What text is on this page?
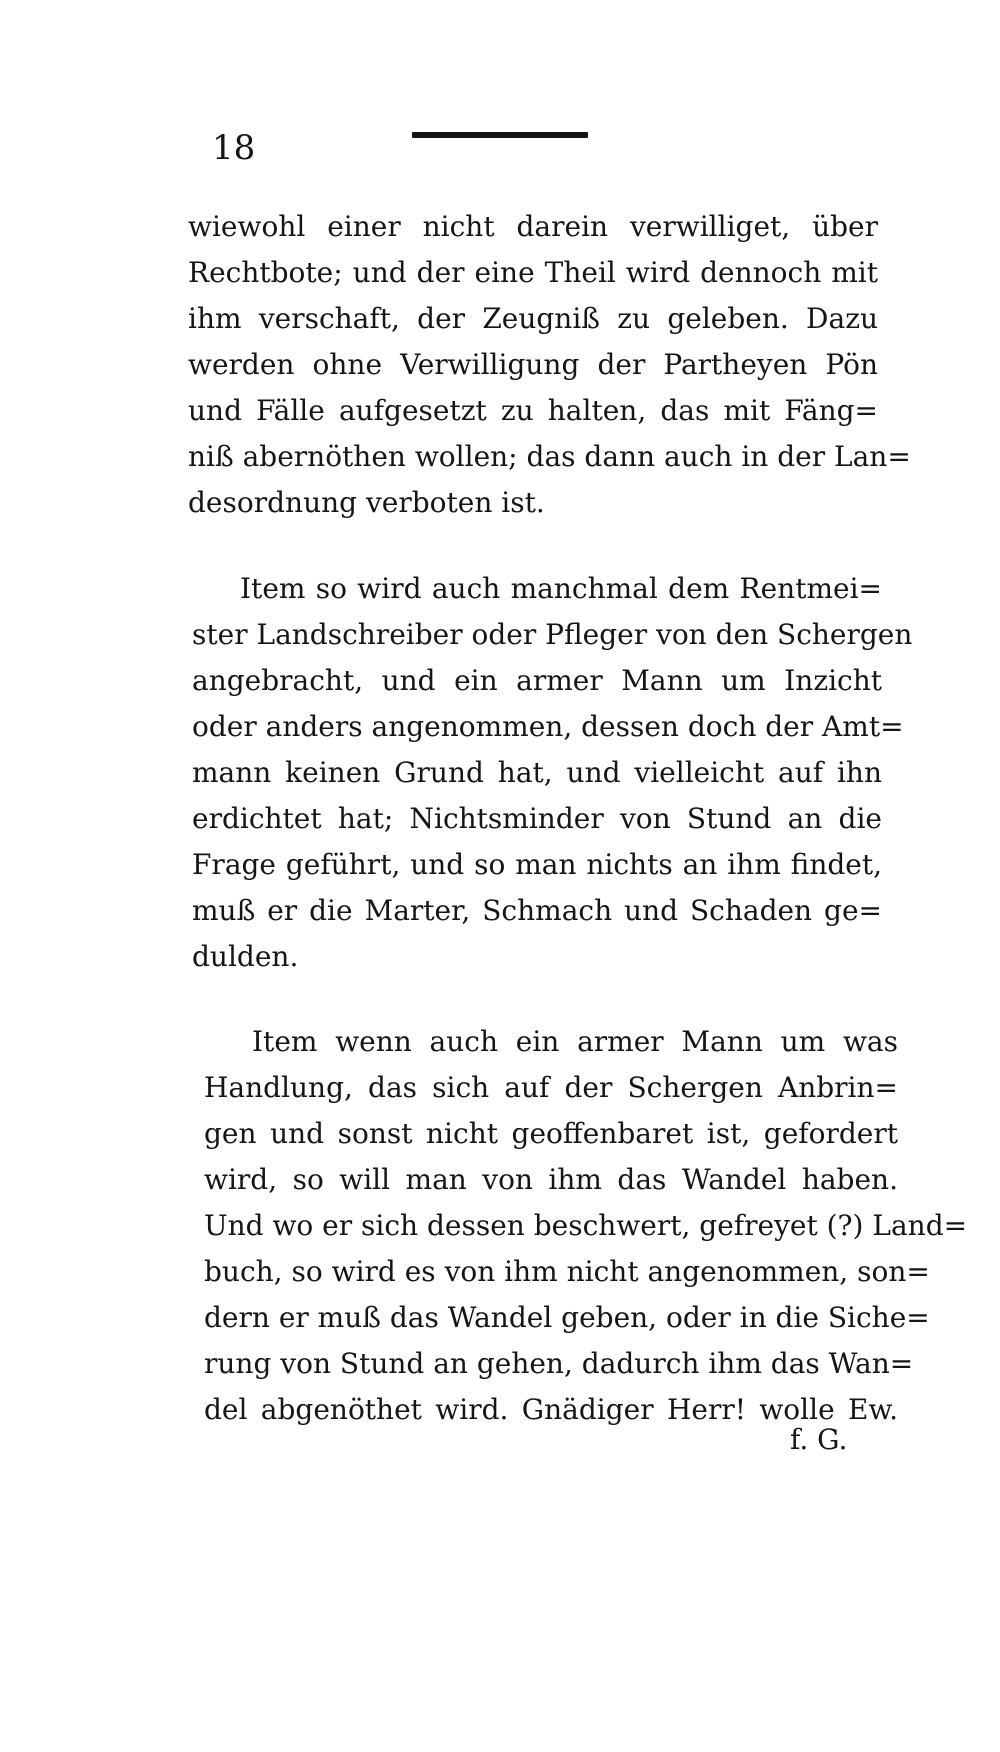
18

wiewohl einer nicht darein verwilliget, über
Rechtbote; und der eine Theil wird dennoch mit
ihm verschaft, der Zeugniß zu geleben. Dazu
werden ohne Verwilligung der Partheyen Pön
und Fälle aufgesetzt zu halten, das mit Fäng=
niß abernöthen wollen; das dann auch in der Lan=
desordnung verboten ist.

Item so wird auch manchmal dem Rentmei=
ster Landschreiber oder Pfleger von den Schergen
angebracht, und ein armer Mann um Inzicht
oder anders angenommen, dessen doch der Amt=
mann keinen Grund hat, und vielleicht auf ihn
erdichtet hat; Nichtsminder von Stund an die
Frage geführt, und so man nichts an ihm findet,
muß er die Marter, Schmach und Schaden ge=
dulden.

Item wenn auch ein armer Mann um was
Handlung, das sich auf der Schergen Anbrin=
gen und sonst nicht geoffenbaret ist, gefordert
wird, so will man von ihm das Wandel haben.
Und wo er sich dessen beschwert, gefreyet (?) Land=
buch, so wird es von ihm nicht angenommen, son=
dern er muß das Wandel geben, oder in die Siche=
rung von Stund an gehen, dadurch ihm das Wan=
del abgenöthet wird. Gnädiger Herr! wolle Ew.

f. G.
